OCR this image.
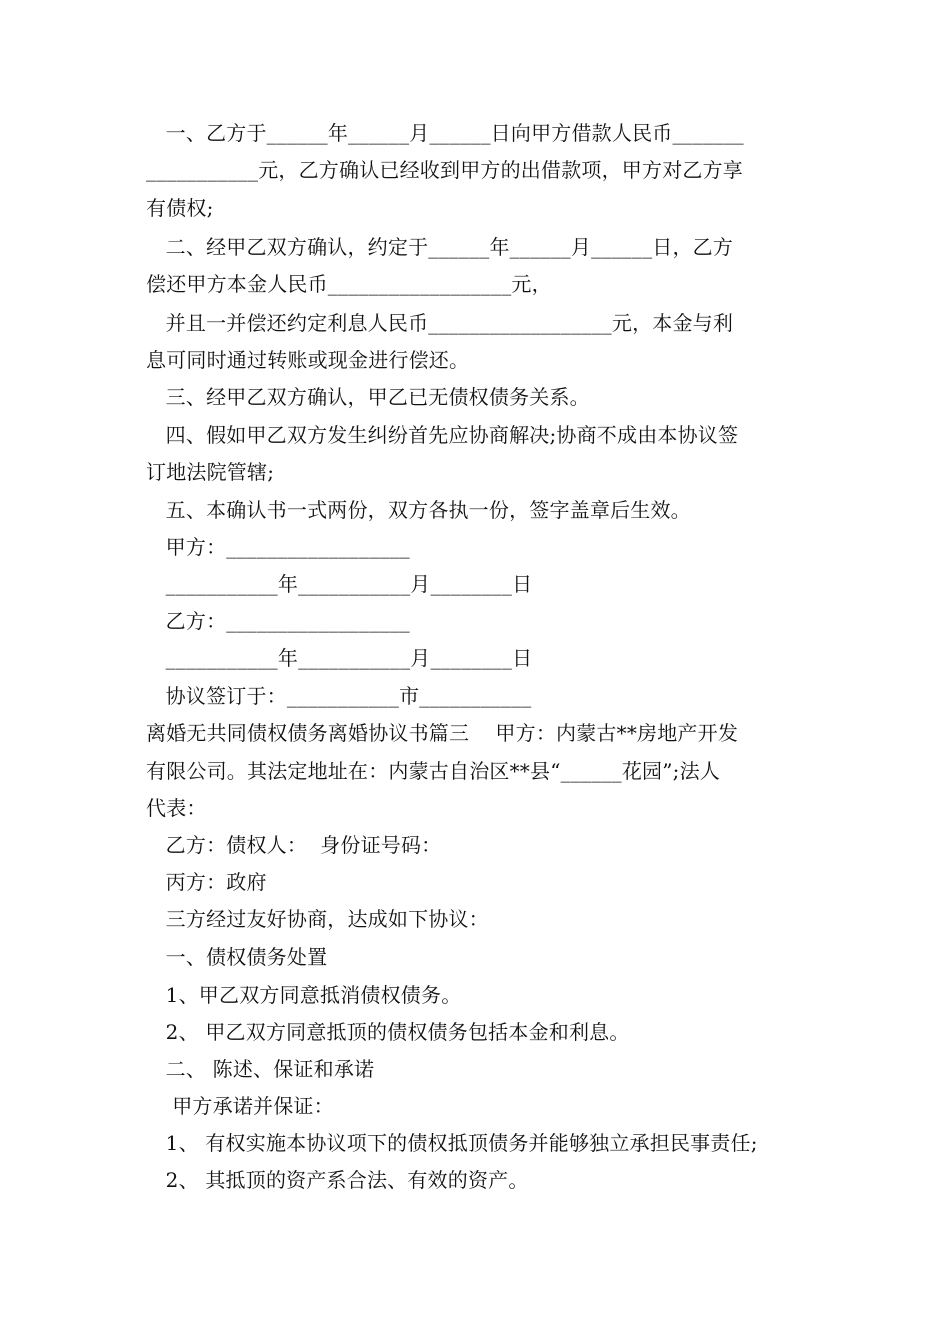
一、乙方于______年______月______日向甲方借款人民币_______
___________元，乙方确认已经收到甲方的出借款项，甲方对乙方享
有债权;
二、经甲乙双方确认，约定于______年______月______日，乙方
偿还甲方本金人民币__________________元，
并且一并偿还约定利息人民币__________________元，本金与利
息可同时通过转账或现金进行偿还。
三、经甲乙双方确认，甲乙已无债权债务关系。
四、假如甲乙双方发生纠纷首先应协商解决;协商不成由本协议签
订地法院管辖;
五、本确认书一式两份，双方各执一份，签字盖章后生效。
甲方：__________________
___________年___________月________日
乙方：__________________
___________年___________月________日
协议签订于：___________市___________
离婚无共同债权债务离婚协议书篇三    甲方：内蒙古**房地产开发
有限公司。其法定地址在：内蒙古自治区**县“______花园”;法人
代表：
乙方：债权人：  身份证号码：
丙方：政府
三方经过友好协商，达成如下协议：
一、债权债务处置
1、甲乙双方同意抵消债权债务。
2、 甲乙双方同意抵顶的债权债务包括本金和利息。
二、 陈述、保证和承诺
甲方承诺并保证：
1、 有权实施本协议项下的债权抵顶债务并能够独立承担民事责任;
2、 其抵顶的资产系合法、有效的资产。
